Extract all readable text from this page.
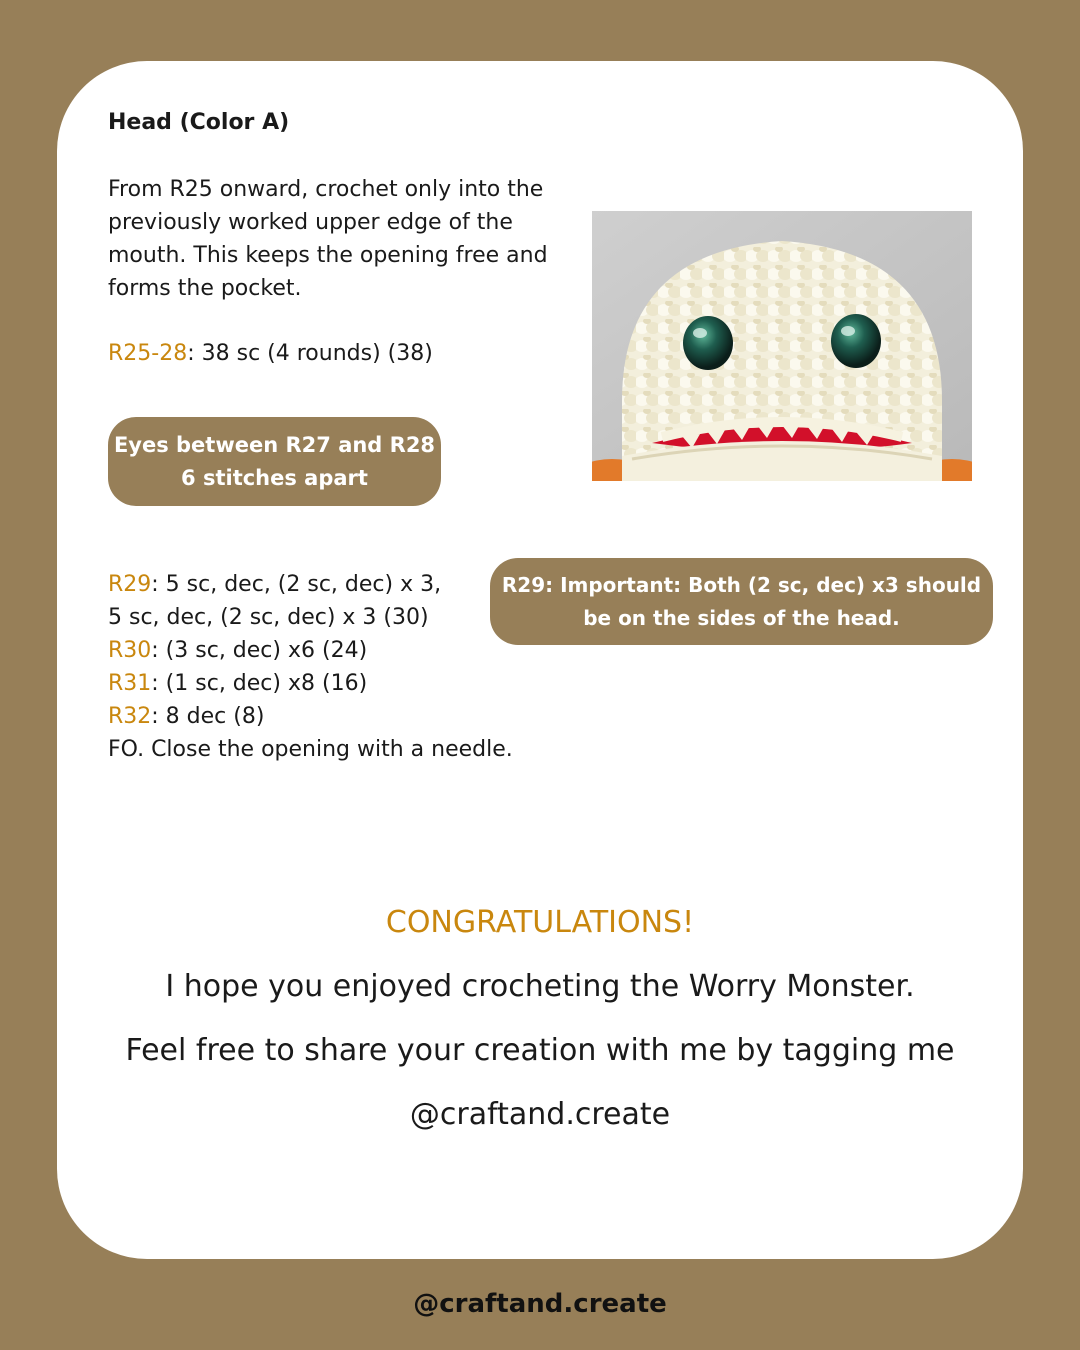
Head (Color A)

From R25 onward, crochet only into the previously worked upper edge of the mouth. This keeps the opening free and forms the pocket.

R25-28: 38 sc (4 rounds) (38)

Eyes between R27 and R28
6 stitches apart
R29: 5 sc, dec, (2 sc, dec) x 3,
5 sc, dec, (2 sc, dec) x 3 (30)
R30: (3 sc, dec) x6 (24)
R31: (1 sc, dec) x8 (16)
R32: 8 dec (8)
FO. Close the opening with a needle.
R29: Important: Both (2 sc, dec) x3 should
be on the sides of the head.

CONGRATULATIONS!

I hope you enjoyed crocheting the Worry Monster.

Feel free to share your creation with me by tagging me

@craftand.create

@craftand.create
